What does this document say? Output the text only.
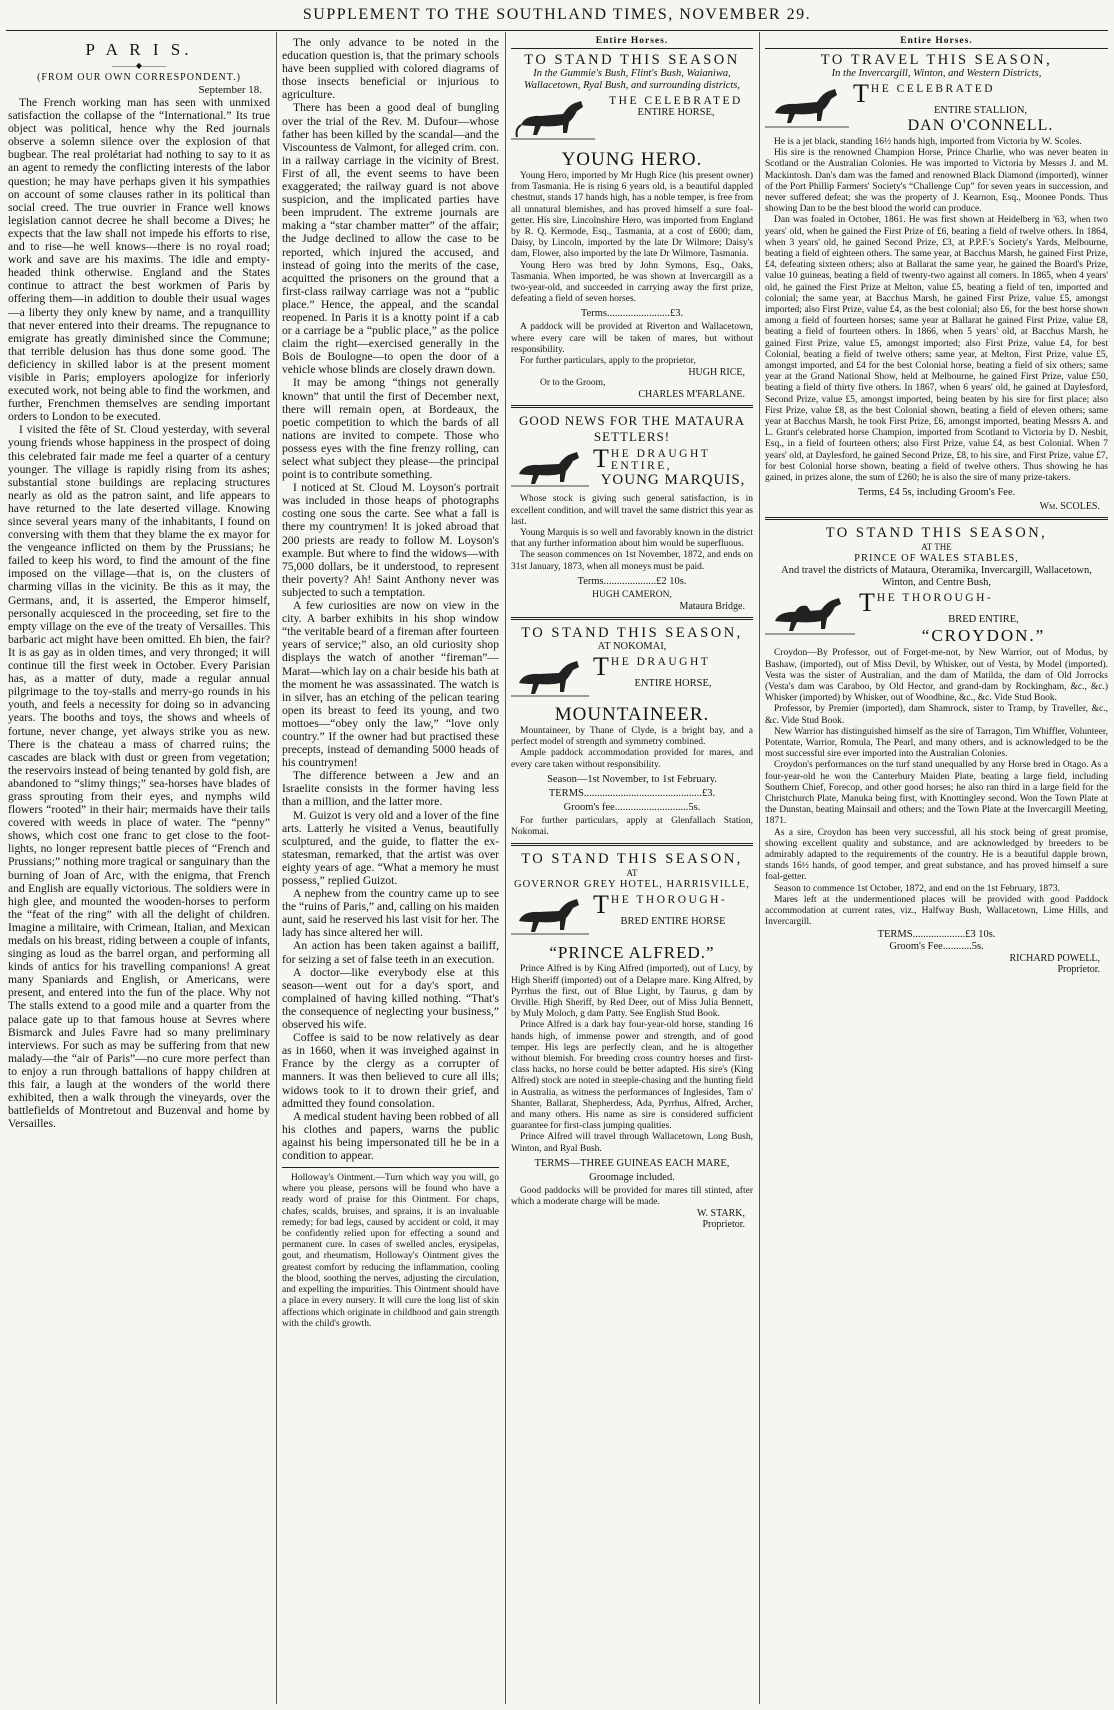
SUPPLEMENT TO THE SOUTHLAND TIMES, NOVEMBER 29.
P A R I S.
———◆———
(FROM OUR OWN CORRESPONDENT.)
September 18.

The French working man has seen with unmixed satisfaction the collapse of the “International.” Its true object was political, hence why the Red journals observe a solemn silence over the explosion of that bugbear. The real prolétariat had nothing to say to it as an agent to remedy the conflicting interests of the labor question; he may have perhaps given it his sympathies on account of some clauses rather in its political than social creed. The true ouvrier in France well knows legislation cannot decree he shall become a Dives; he expects that the law shall not impede his efforts to rise, and to rise—he well knows—there is no royal road; work and save are his maxims. The idle and empty-headed think otherwise. England and the States continue to attract the best workmen of Paris by offering them—in addition to double their usual wages—a liberty they only knew by name, and a tranquillity that never entered into their dreams. The repugnance to emigrate has greatly diminished since the Commune; that terrible delusion has thus done some good. The deficiency in skilled labor is at the present moment visible in Paris; employers apologize for inferiorly executed work, not being able to find the workmen, and further, Frenchmen themselves are sending important orders to London to be executed.

I visited the fête of St. Cloud yesterday, with several young friends whose happiness in the prospect of doing this celebrated fair made me feel a quarter of a century younger. The village is rapidly rising from its ashes; substantial stone buildings are replacing structures nearly as old as the patron saint, and life appears to have returned to the late deserted village. Knowing since several years many of the inhabitants, I found on conversing with them that they blame the ex mayor for the vengeance inflicted on them by the Prussians; he failed to keep his word, to find the amount of the fine imposed on the village—that is, on the clusters of charming villas in the vicinity. Be this as it may, the Germans, and, it is asserted, the Emperor himself, personally acquiesced in the proceeding, set fire to the empty village on the eve of the treaty of Versailles. This barbaric act might have been omitted. Eh bien, the fair? It is as gay as in olden times, and very thronged; it will continue till the first week in October. Every Parisian has, as a matter of duty, made a regular annual pilgrimage to the toy-stalls and merry-go rounds in his youth, and feels a necessity for doing so in advancing years. The booths and toys, the shows and wheels of fortune, never change, yet always strike you as new. There is the chateau a mass of charred ruins; the cascades are black with dust or green from vegetation; the reservoirs instead of being tenanted by gold fish, are abandoned to “slimy things;” sea-horses have blades of grass sprouting from their eyes, and nymphs wild flowers “rooted” in their hair; mermaids have their tails covered with weeds in place of water. The “penny” shows, which cost one franc to get close to the foot-lights, no longer represent battle pieces of “French and Prussians;” nothing more tragical or sanguinary than the burning of Joan of Arc, with the enigma, that French and English are equally victorious. The soldiers were in high glee, and mounted the wooden-horses to perform the “feat of the ring” with all the delight of children. Imagine a militaire, with Crimean, Italian, and Mexican medals on his breast, riding between a couple of infants, singing as loud as the barrel organ, and performing all kinds of antics for his travelling companions! A great many Spaniards and English, or Americans, were present, and entered into the fun of the place. Why not The stalls extend to a good mile and a quarter from the palace gate up to that famous house at Sevres where Bismarck and Jules Favre had so many preliminary interviews. For such as may be suffering from that new malady—the “air of Paris”—no cure more perfect than to enjoy a run through battalions of happy children at this fair, a laugh at the wonders of the world there exhibited, then a walk through the vineyards, over the battlefields of Montretout and Buzenval and home by Versailles.

The only advance to be noted in the education question is, that the primary schools have been supplied with colored diagrams of those insects beneficial or injurious to agriculture.

There has been a good deal of bungling over the trial of the Rev. M. Dufour—whose father has been killed by the scandal—and the Viscountess de Valmont, for alleged crim. con. in a railway carriage in the vicinity of Brest. First of all, the event seems to have been exaggerated; the railway guard is not above suspicion, and the implicated parties have been imprudent. The extreme journals are making a “star chamber matter” of the affair; the Judge declined to allow the case to be reported, which injured the accused, and instead of going into the merits of the case, acquitted the prisoners on the ground that a first-class railway carriage was not a “public place.” Hence, the appeal, and the scandal reopened. In Paris it is a knotty point if a cab or a carriage be a “public place,” as the police claim the right—exercised generally in the Bois de Boulogne—to open the door of a vehicle whose blinds are closely drawn down.

It may be among “things not generally known” that until the first of December next, there will remain open, at Bordeaux, the poetic competition to which the bards of all nations are invited to compete. Those who possess eyes with the fine frenzy rolling, can select what subject they please—the principal point is to contribute something.

I noticed at St. Cloud M. Loyson's portrait was included in those heaps of photographs costing one sous the carte. See what a fall is there my countrymen! It is joked abroad that 200 priests are ready to follow M. Loyson's example. But where to find the widows—with 75,000 dollars, be it understood, to represent their poverty? Ah! Saint Anthony never was subjected to such a temptation.

A few curiosities are now on view in the city. A barber exhibits in his shop window “the veritable beard of a fireman after fourteen years of service;” also, an old curiosity shop displays the watch of another “fireman”—Marat—which lay on a chair beside his bath at the moment he was assassinated. The watch is in silver, has an etching of the pelican tearing open its breast to feed its young, and two mottoes—“obey only the law,” “love only country.” If the owner had but practised these precepts, instead of demanding 5000 heads of his countrymen!

The difference between a Jew and an Israelite consists in the former having less than a million, and the latter more.

M. Guizot is very old and a lover of the fine arts. Latterly he visited a Venus, beautifully sculptured, and the guide, to flatter the ex-statesman, remarked, that the artist was over eighty years of age. “What a memory he must possess,” replied Guizot.

A nephew from the country came up to see the “ruins of Paris,” and, calling on his maiden aunt, said he reserved his last visit for her. The lady has since altered her will.

An action has been taken against a bailiff, for seizing a set of false teeth in an execution.

A doctor—like everybody else at this season—went out for a day's sport, and complained of having killed nothing. “That's the consequence of neglecting your business,” observed his wife.

Coffee is said to be now relatively as dear as in 1660, when it was inveighed against in France by the clergy as a corrupter of manners. It was then believed to cure all ills; widows took to it to drown their grief, and admitted they found consolation.

A medical student having been robbed of all his clothes and papers, warns the public against his being impersonated till he be in a condition to appear.

Holloway's Ointment.—Turn which way you will, go where you please, persons will be found who have a ready word of praise for this Ointment. For chaps, chafes, scalds, bruises, and sprains, it is an invaluable remedy; for bad legs, caused by accident or cold, it may be confidently relied upon for effecting a sound and permanent cure. In cases of swelled ancles, erysipelas, gout, and rheumatism, Holloway's Ointment gives the greatest comfort by reducing the inflammation, cooling the blood, soothing the nerves, adjusting the circulation, and expelling the impurities. This Ointment should have a place in every nursery. It will cure the long list of skin affections which originate in childhood and gain strength with the child's growth.

Entire Horses.
TO STAND THIS SEASON
In the Gummie's Bush, Flint's Bush, Waianiwa, Wallacetown, Ryal Bush, and surrounding districts,
THE CELEBRATED
ENTIRE HORSE,
YOUNG HERO.

Young Hero, imported by Mr Hugh Rice (his present owner) from Tasmania. He is rising 6 years old, is a beautiful dappled chestnut, stands 17 hands high, has a noble temper, is free from all unnatural blemishes, and has proved himself a sure foal-getter. His sire, Lincolnshire Hero, was imported from England by R. Q. Kermode, Esq., Tasmania, at a cost of £600; dam, Daisy, by Lincoln, imported by the late Dr Wilmore; Daisy's dam, Flower, also imported by the late Dr Wilmore, Tasmania.

Young Hero was bred by John Symons, Esq., Oaks, Tasmania. When imported, he was shown at Invercargill as a two-year-old, and succeeded in carrying away the first prize, defeating a field of seven horses.

Terms........................£3.

A paddock will be provided at Riverton and Wallacetown, where every care will be taken of mares, but without responsibility.

For further particulars, apply to the proprietor,

HUGH RICE,
Or to the Groom,
CHARLES M'FARLANE.
GOOD NEWS FOR THE MATAURA SETTLERS!
T HE DRAUGHT ENTIRE,
YOUNG MARQUIS,

Whose stock is giving such general satisfaction, is in excellent condition, and will travel the same district this year as last.

Young Marquis is so well and favorably known in the district that any further information about him would be superfluous.

The season commences on 1st November, 1872, and ends on 31st January, 1873, when all moneys must be paid.

Terms....................£2 10s.
HUGH CAMERON,
Mataura Bridge.
TO STAND THIS SEASON,
AT NOKOMAI,
T HE DRAUGHT
ENTIRE HORSE,
MOUNTAINEER.

Mountaineer, by Thane of Clyde, is a bright bay, and a perfect model of strength and symmetry combined.

Ample paddock accommodation provided for mares, and every care taken without responsibility.

Season—1st November, to 1st February.
TERMS.............................................£3.
Groom's fee............................5s.

For further particulars, apply at Glenfallach Station, Nokomai.

TO STAND THIS SEASON,
AT
GOVERNOR GREY HOTEL, HARRISVILLE,
T HE THOROUGH-
BRED ENTIRE HORSE
“PRINCE ALFRED.”

Prince Alfred is by King Alfred (imported), out of Lucy, by High Sheriff (imported) out of a Delapre mare. King Alfred, by Pyrrhus the first, out of Blue Light, by Taurus, g dam by Orville. High Sheriff, by Red Deer, out of Miss Julia Bennett, by Muly Moloch, g dam Patty. See English Stud Book.

Prince Alfred is a dark bay four-year-old horse, standing 16 hands high, of immense power and strength, and of good temper. His legs are perfectly clean, and he is altogether without blemish. For breeding cross country horses and first-class hacks, no horse could be better adapted. His sire's (King Alfred) stock are noted in steeple-chasing and the hunting field in Australia, as witness the performances of Inglesides, Tam o' Shanter, Ballarat, Shepherdess, Ada, Pyrrhus, Alfred, Archer, and many others. His name as sire is considered sufficient guarantee for first-class jumping qualities.

Prince Alfred will travel through Wallacetown, Long Bush, Winton, and Ryal Bush.

TERMS—THREE GUINEAS EACH MARE,
Groomage included.

Good paddocks will be provided for mares till stinted, after which a moderate charge will be made.

W. STARK,
Proprietor.
Entire Horses.
TO TRAVEL THIS SEASON,
In the Invercargill, Winton, and Western Districts,
T HE CELEBRATED
ENTIRE STALLION,
DAN O'CONNELL.

He is a jet black, standing 16½ hands high, imported from Victoria by W. Scoles.

His sire is the renowned Champion Horse, Prince Charlie, who was never beaten in Scotland or the Australian Colonies. He was imported to Victoria by Messrs J. and M. Mackintosh. Dan's dam was the famed and renowned Black Diamond (imported), winner of the Port Phillip Farmers' Society's “Challenge Cup” for seven years in succession, and never suffered defeat; she was the property of J. Kearnon, Esq., Moonee Ponds. Thus showing Dan to be the best blood the world can produce.

Dan was foaled in October, 1861. He was first shown at Heidelberg in '63, when two years' old, when he gained the First Prize of £6, beating a field of twelve others. In 1864, when 3 years' old, he gained Second Prize, £3, at P.P.F.'s Society's Yards, Melbourne, beating a field of eighteen others. The same year, at Bacchus Marsh, he gained First Prize, £4, defeating sixteen others; also at Ballarat the same year, he gained the Board's Prize, value 10 guineas, beating a field of twenty-two against all comers. In 1865, when 4 years' old, he gained the First Prize at Melton, value £5, beating a field of ten, imported and colonial; the same year, at Bacchus Marsh, he gained First Prize, value £5, amongst imported; also First Prize, value £4, as the best colonial; also £6, for the best horse shown among a field of fourteen horses; same year at Ballarat he gained First Prize, value £8, beating a field of fourteen others. In 1866, when 5 years' old, at Bacchus Marsh, he gained First Prize, value £5, amongst imported; also First Prize, value £4, for best Colonial, beating a field of twelve others; same year, at Melton, First Prize, value £5, amongst imported, and £4 for the best Colonial horse, beating a field of six others; same year at the Grand National Show, held at Melbourne, he gained First Prize, value £50, beating a field of thirty five others. In 1867, when 6 years' old, he gained at Daylesford, Second Prize, value £5, amongst imported, being beaten by his sire for first place; also First Prize, value £8, as the best Colonial shown, beating a field of eleven others; same year at Bacchus Marsh, he took First Prize, £6, amongst imported, beating Messrs A. and L. Grant's celebrated horse Champion, imported from Scotland to Victoria by D. Nesbit, Esq., in a field of fourteen others; also First Prize, value £4, as best Colonial. When 7 years' old, at Daylesford, he gained Second Prize, £8, to his sire, and First Prize, value £7, for best Colonial horse shown, beating a field of twelve others. Thus showing he has gained, in prizes alone, the sum of £260; he is also the sire of many prize-takers.

Terms, £4 5s, including Groom's Fee.
Wm. SCOLES.
TO STAND THIS SEASON,
AT THE
PRINCE OF WALES STABLES,
And travel the districts of Mataura, Oteramika, Invercargill, Wallacetown, Winton, and Centre Bush,
T HE THOROUGH-
BRED ENTIRE,
“CROYDON.”

Croydon—By Professor, out of Forget-me-not, by New Warrior, out of Modus, by Bashaw, (imported), out of Miss Devil, by Whisker, out of Vesta, by Model (imported). Vesta was the sister of Australian, and the dam of Matilda, the dam of Old Jorrocks (Vesta's dam was Caraboo, by Old Hector, and grand-dam by Rockingham, &c., &c.) Whisker (imported) by Whisker, out of Woodbine, &c., &c. Vide Stud Book.

Professor, by Premier (imported), dam Shamrock, sister to Tramp, by Traveller, &c., &c. Vide Stud Book.

New Warrior has distinguished himself as the sire of Tarragon, Tim Whiffler, Volunteer, Potentate, Warrior, Romula, The Pearl, and many others, and is acknowledged to be the most successful sire ever imported into the Australian Colonies.

Croydon's performances on the turf stand unequalled by any Horse bred in Otago. As a four-year-old he won the Canterbury Maiden Plate, beating a large field, including Southern Chief, Forecop, and other good horses; he also ran third in a large field for the Christchurch Plate, Manuka being first, with Knottingley second. Won the Town Plate at the Dunstan, beating Mainsail and others; and the Town Plate at the Invercargill Meeting, 1871.

As a sire, Croydon has been very successful, all his stock being of great promise, showing excellent quality and substance, and are acknowledged by breeders to be admirably adapted to the requirements of the country. He is a beautiful dapple brown, stands 16½ hands, of good temper, and great substance, and has proved himself a sure foal-getter.

Season to commence 1st October, 1872, and end on the 1st February, 1873.

Mares left at the undermentioned places will be provided with good Paddock accommodation at current rates, viz., Halfway Bush, Wallacetown, Lime Hills, and Invercargill.

TERMS....................£3 10s.
Groom's Fee...........5s.
RICHARD POWELL,
Proprietor.
